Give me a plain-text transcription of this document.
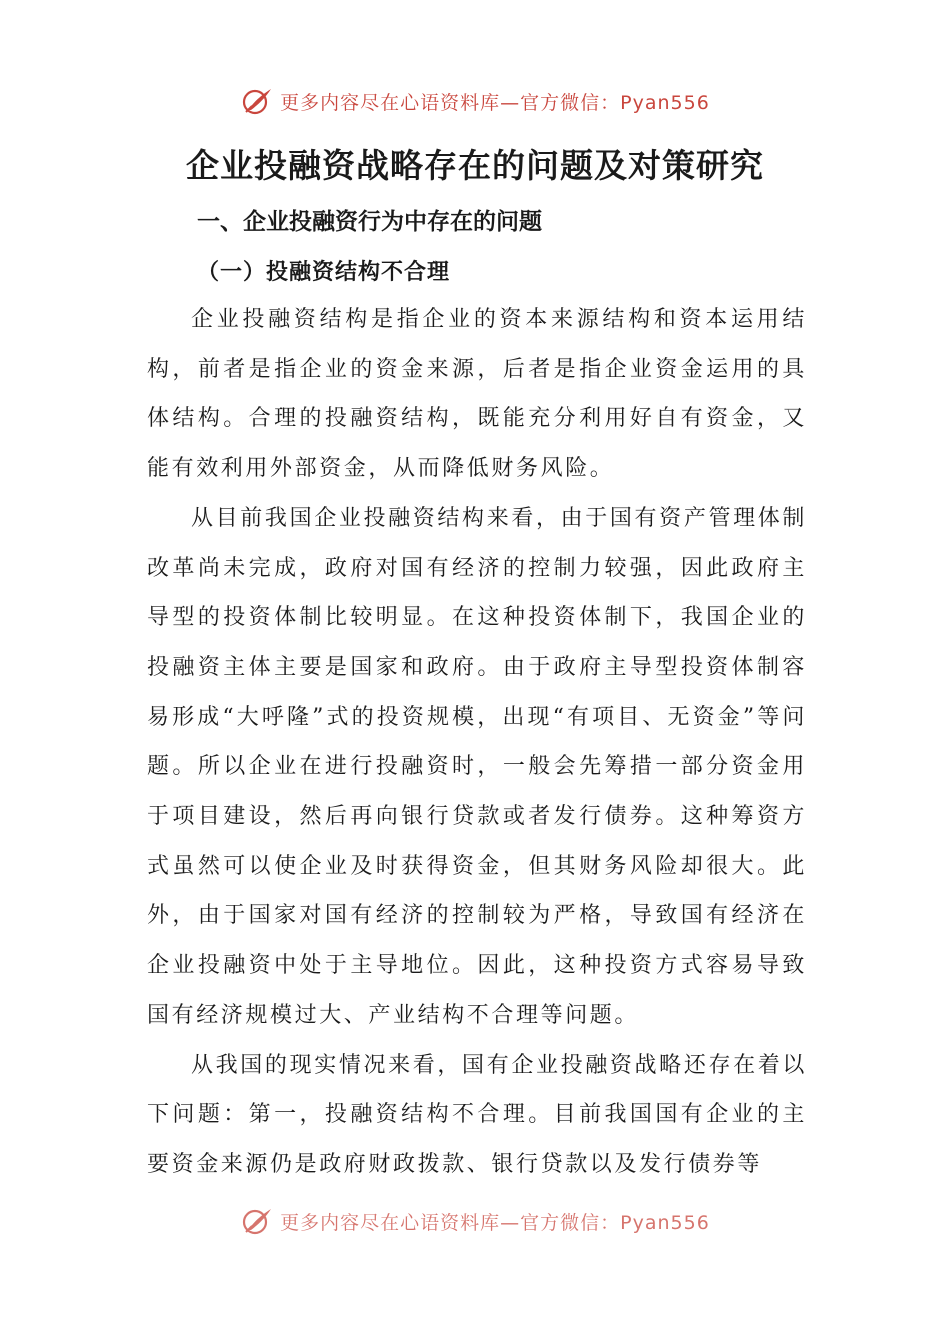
更多内容尽在心语资料库—官方微信：Pyan556
企业投融资战略存在的问题及对策研究
一、企业投融资行为中存在的问题
（一）投融资结构不合理

企业投融资结构是指企业的资本来源结构和资本运用结构，前者是指企业的资金来源，后者是指企业资金运用的具体结构。合理的投融资结构，既能充分利用好自有资金，又能有效利用外部资金，从而降低财务风险。

从目前我国企业投融资结构来看，由于国有资产管理体制改革尚未完成，政府对国有经济的控制力较强，因此政府主导型的投资体制比较明显。在这种投资体制下，我国企业的投融资主体主要是国家和政府。由于政府主导型投资体制容易形成“大呼隆”式的投资规模，出现“有项目、无资金”等问题。所以企业在进行投融资时，一般会先筹措一部分资金用于项目建设，然后再向银行贷款或者发行债券。这种筹资方式虽然可以使企业及时获得资金，但其财务风险却很大。此外，由于国家对国有经济的控制较为严格，导致国有经济在企业投融资中处于主导地位。因此，这种投资方式容易导致国有经济规模过大、产业结构不合理等问题。

从我国的现实情况来看，国有企业投融资战略还存在着以下问题：第一，投融资结构不合理。目前我国国有企业的主要资金来源仍是政府财政拨款、银行贷款以及发行债券等

更多内容尽在心语资料库—官方微信：Pyan556
